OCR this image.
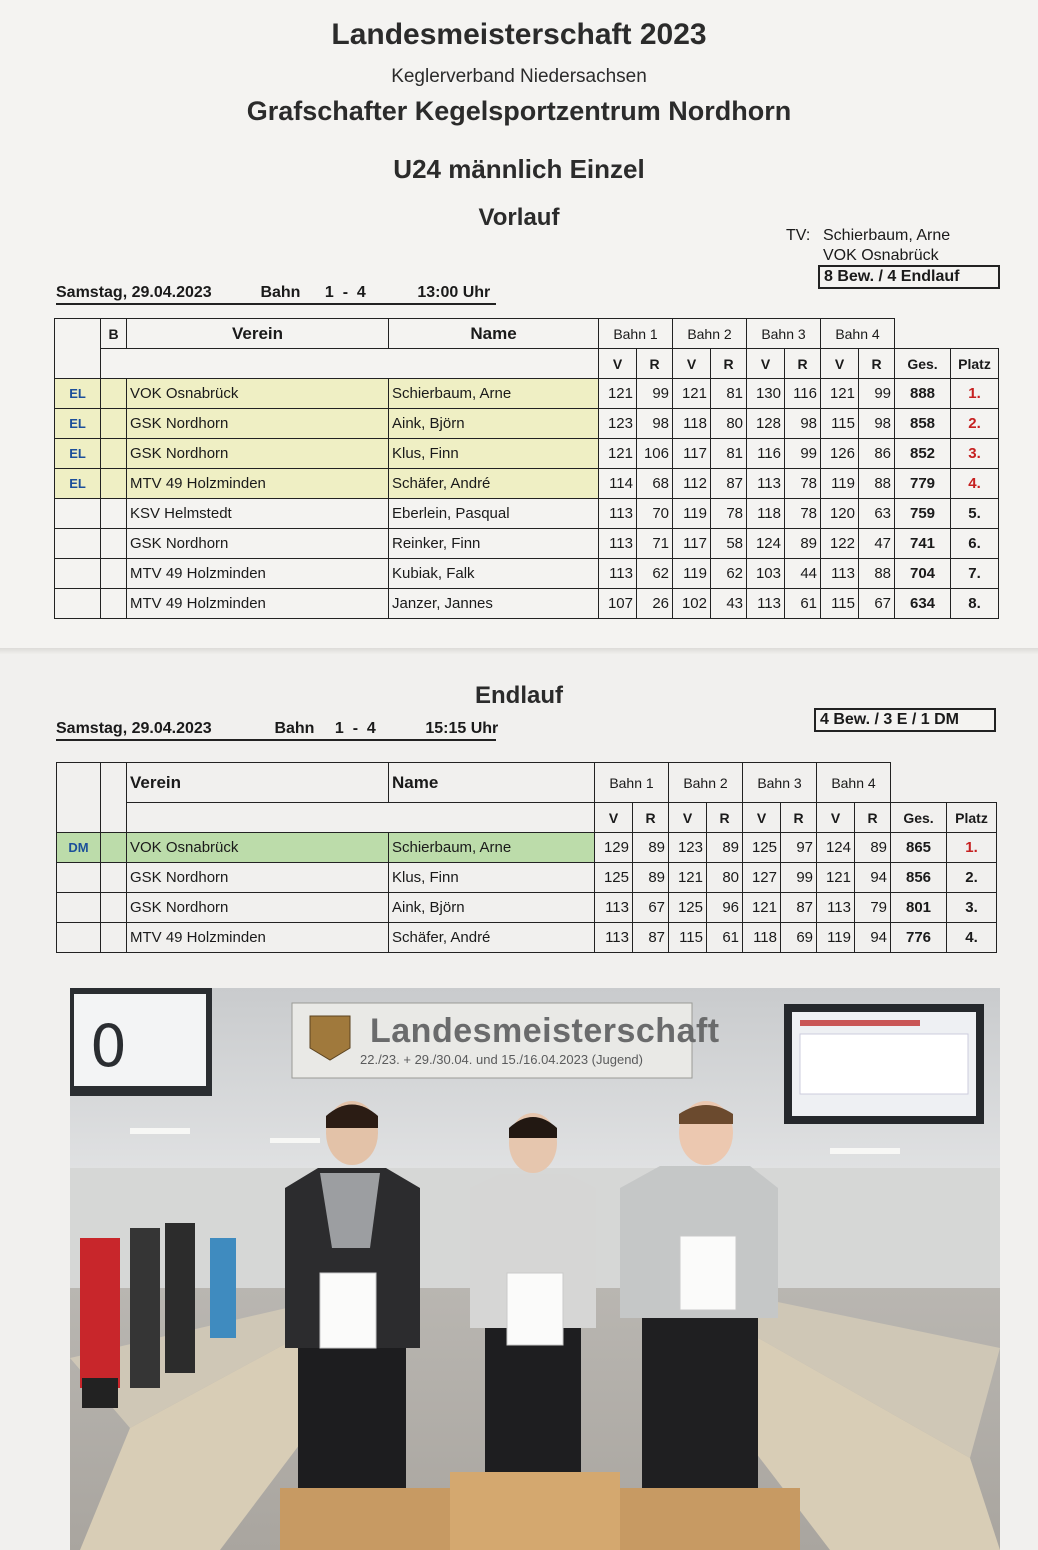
Landesmeisterschaft 2023
Keglerverband Niedersachsen
Grafschafter Kegelsportzentrum Nordhorn
U24 männlich Einzel
Vorlauf
TV: Schierbaum, Arne
VOK Osnabrück
8 Bew. / 4 Endlauf
Samstag, 29.04.2023	Bahn 1  -  4	13:00 Uhr
	B	Verein	Name	Bahn 1		Bahn 2		Bahn 3		Bahn 4			
				V	R	V	R	V	R	V	R	Ges.	Platz
EL		VOK Osnabrück	Schierbaum, Arne	121	99	121	81	130	116	121	99	888	1.
EL		GSK Nordhorn	Aink, Björn	123	98	118	80	128	98	115	98	858	2.
EL		GSK Nordhorn	Klus, Finn	121	106	117	81	116	99	126	86	852	3.
EL		MTV 49 Holzminden	Schäfer, André	114	68	112	87	113	78	119	88	779	4.
		KSV Helmstedt	Eberlein, Pasqual	113	70	119	78	118	78	120	63	759	5.
		GSK Nordhorn	Reinker, Finn	113	71	117	58	124	89	122	47	741	6.
		MTV 49 Holzminden	Kubiak, Falk	113	62	119	62	103	44	113	88	704	7.
		MTV 49 Holzminden	Janzer, Jannes	107	26	102	43	113	61	115	67	634	8.
Endlauf
4 Bew. / 3 E / 1 DM
Samstag, 29.04.2023	Bahn 1  -  4	15:15 Uhr
		Verein	Name	Bahn 1		Bahn 2		Bahn 3		Bahn 4			
				V	R	V	R	V	R	V	R	Ges.	Platz
DM		VOK Osnabrück	Schierbaum, Arne	129	89	123	89	125	97	124	89	865	1.
		GSK Nordhorn	Klus, Finn	125	89	121	80	127	99	121	94	856	2.
		GSK Nordhorn	Aink, Björn	113	67	125	96	121	87	113	79	801	3.
		MTV 49 Holzminden	Schäfer, André	113	87	115	61	118	69	119	94	776	4.
Landesmeisterschaft
22./23. + 29./30.04. und 15./16.04.2023 (Jugend)
0
